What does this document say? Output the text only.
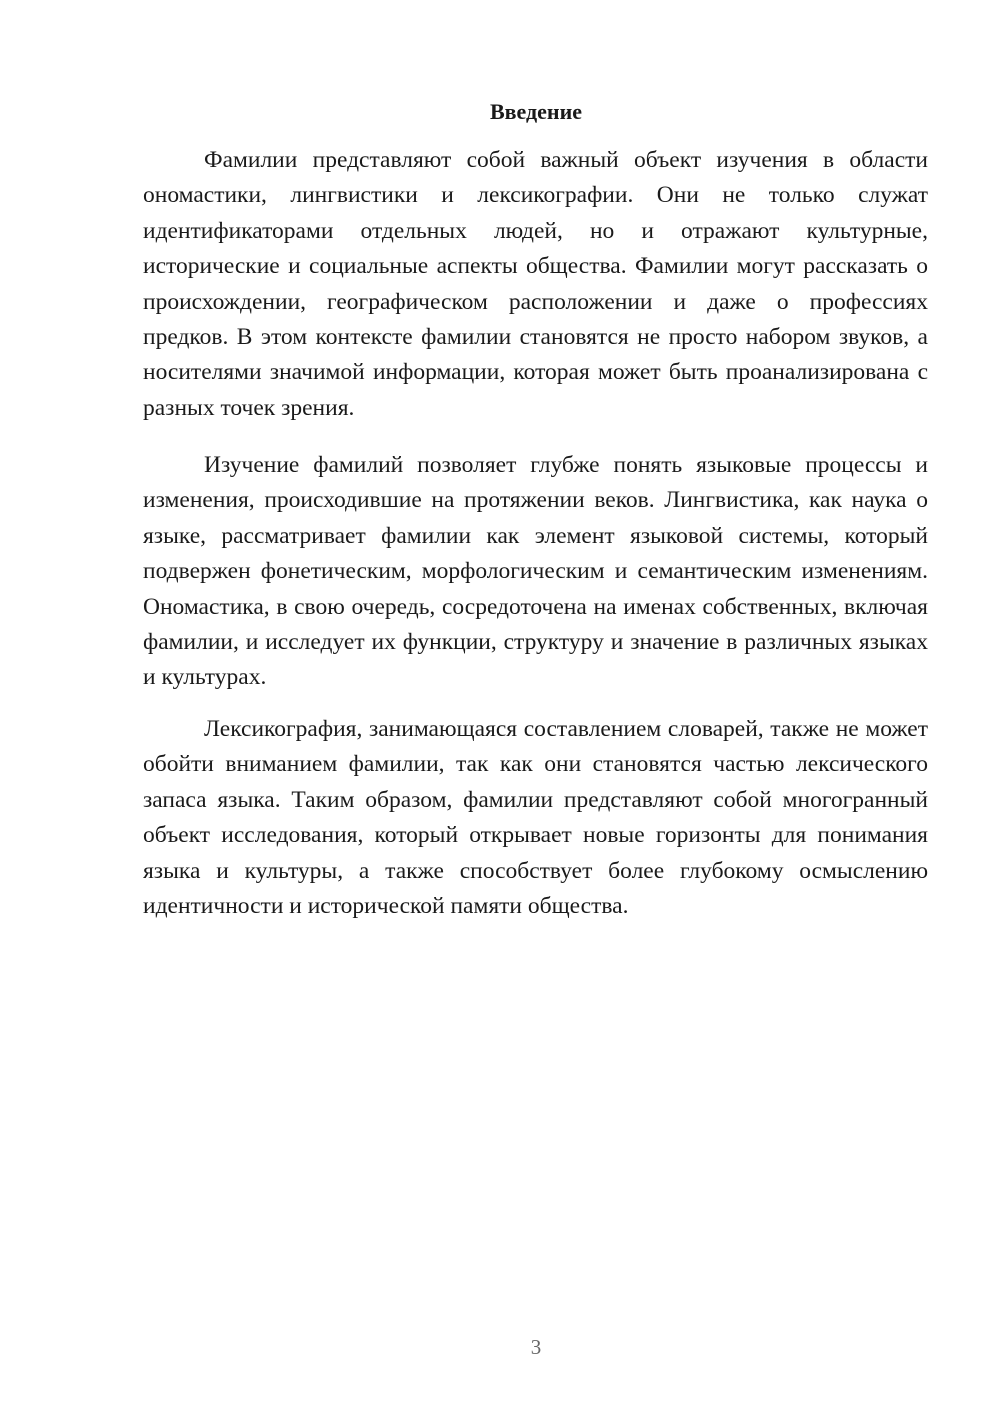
Введение

Фамилии представляют собой важный объект изучения в области ономастики, лингвистики и лексикографии. Они не только служат идентификаторами отдельных людей, но и отражают культурные, исторические и социальные аспекты общества. Фамилии могут рассказать о происхождении, географическом расположении и даже о профессиях предков. В этом контексте фамилии становятся не просто набором звуков, а носителями значимой информации, которая может быть проанализирована с разных точек зрения.

Изучение фамилий позволяет глубже понять языковые процессы и изменения, происходившие на протяжении веков. Лингвистика, как наука о языке, рассматривает фамилии как элемент языковой системы, который подвержен фонетическим, морфологическим и семантическим изменениям. Ономастика, в свою очередь, сосредоточена на именах собственных, включая фамилии, и исследует их функции, структуру и значение в различных языках и культурах.

Лексикография, занимающаяся составлением словарей, также не может обойти вниманием фамилии, так как они становятся частью лексического запаса языка. Таким образом, фамилии представляют собой многогранный объект исследования, который открывает новые горизонты для понимания языка и культуры, а также способствует более глубокому осмыслению идентичности и исторической памяти общества.

3
